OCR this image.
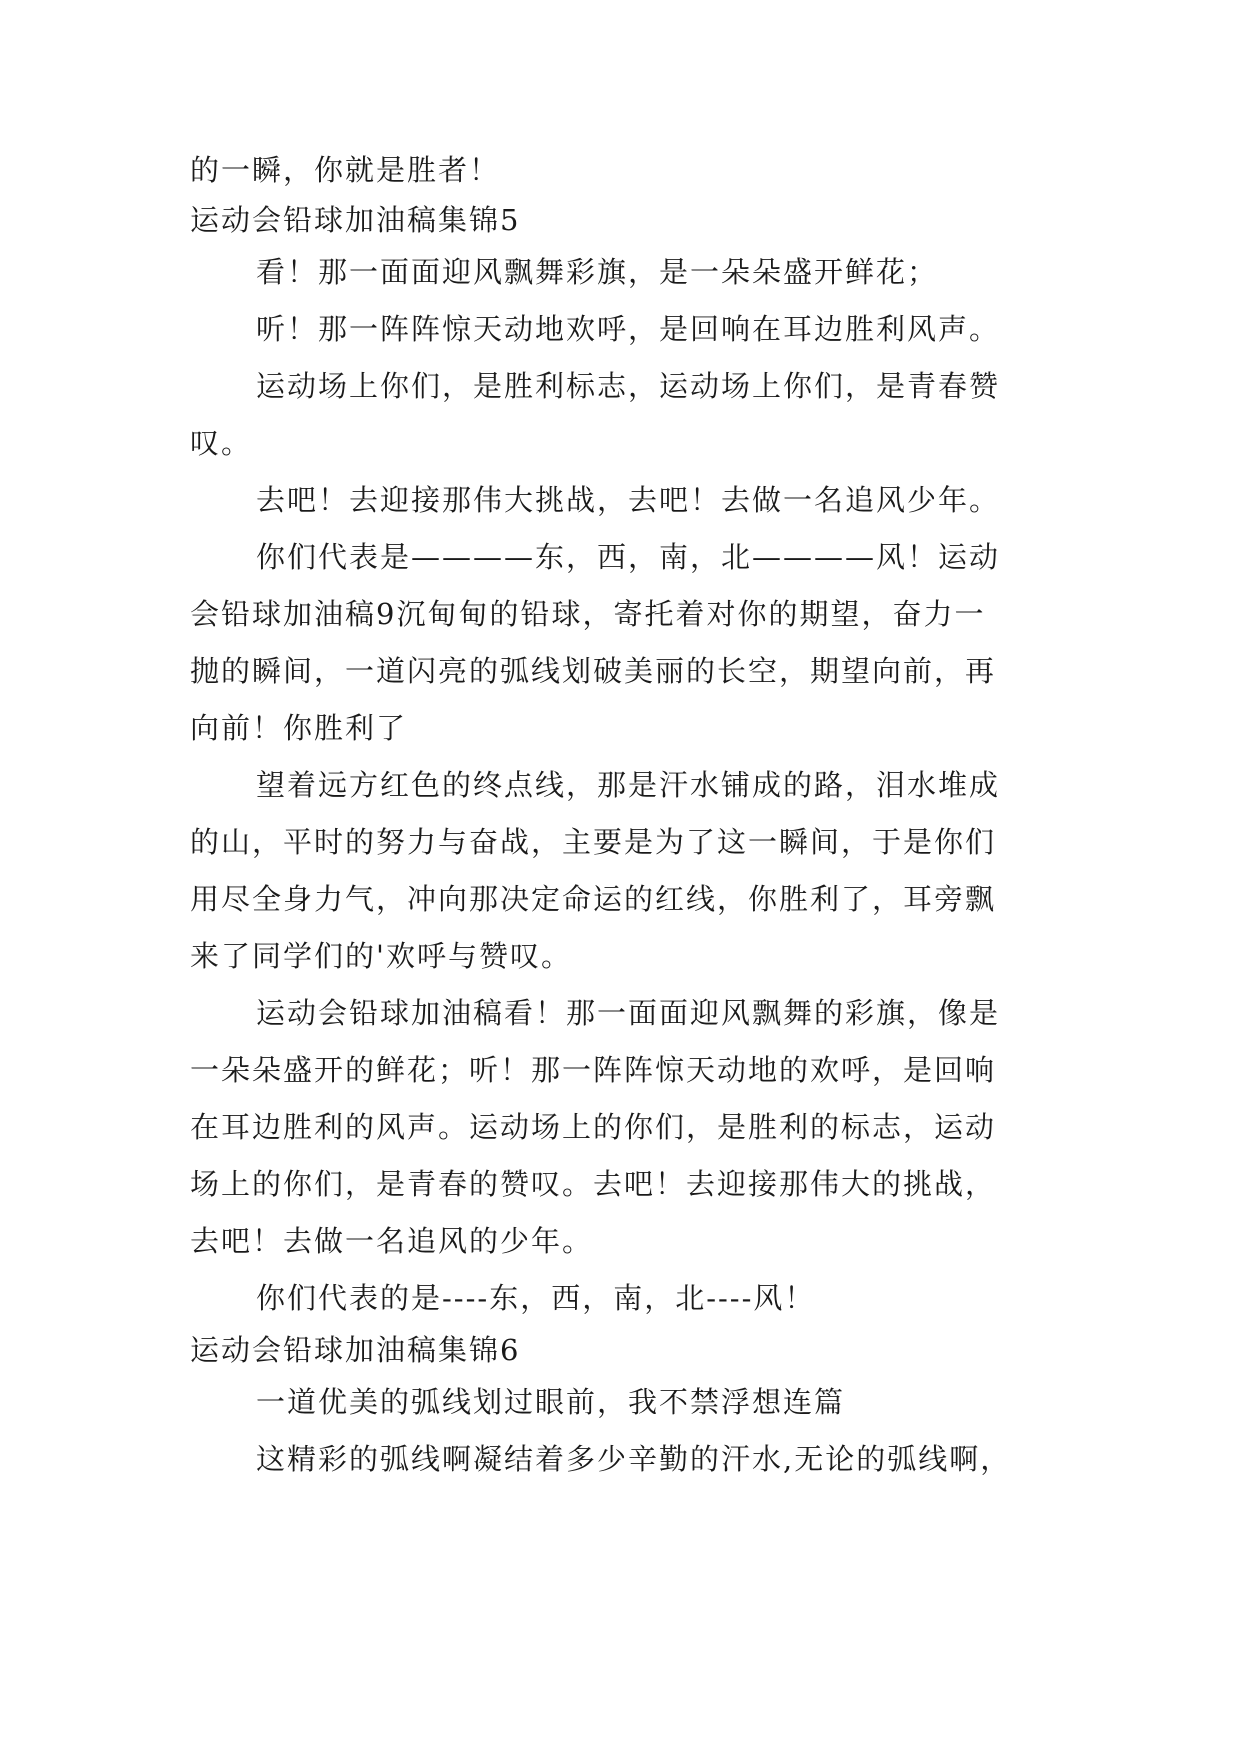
的一瞬，你就是胜者！

运动会铅球加油稿集锦5

看！那一面面迎风飘舞彩旗，是一朵朵盛开鲜花；

听！那一阵阵惊天动地欢呼，是回响在耳边胜利风声。

运动场上你们，是胜利标志，运动场上你们，是青春赞

叹。

去吧！去迎接那伟大挑战，去吧！去做一名追风少年。

你们代表是————东，西，南，北————风！运动

会铅球加油稿9沉甸甸的铅球，寄托着对你的期望，奋力一

抛的瞬间，一道闪亮的弧线划破美丽的长空，期望向前，再

向前！你胜利了

望着远方红色的终点线，那是汗水铺成的路，泪水堆成

的山，平时的努力与奋战，主要是为了这一瞬间，于是你们

用尽全身力气，冲向那决定命运的红线，你胜利了，耳旁飘

来了同学们的'欢呼与赞叹。

运动会铅球加油稿看！那一面面迎风飘舞的彩旗，像是

一朵朵盛开的鲜花；听！那一阵阵惊天动地的欢呼，是回响

在耳边胜利的风声。运动场上的你们，是胜利的标志，运动

场上的你们，是青春的赞叹。去吧！去迎接那伟大的挑战，

去吧！去做一名追风的少年。

你们代表的是----东，西，南，北----风！

运动会铅球加油稿集锦6

一道优美的弧线划过眼前，我不禁浮想连篇

这精彩的弧线啊凝结着多少辛勤的汗水,无论的弧线啊，
